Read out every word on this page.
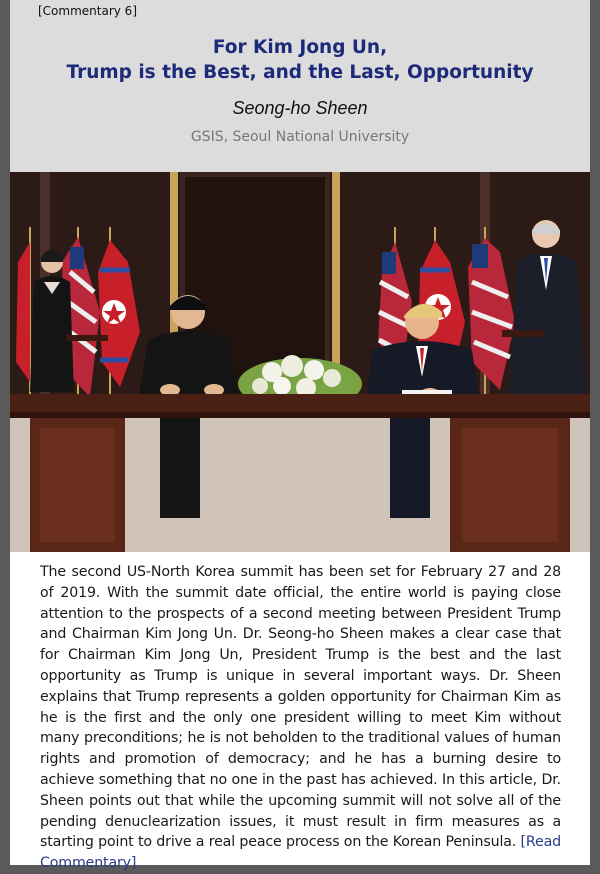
[Commentary 6]
For Kim Jong Un,
Trump is the Best, and the Last, Opportunity
Seong-ho Sheen
GSIS, Seoul National University
The second US-North Korea summit has been set for February 27 and 28 of 2019. With the summit date official, the entire world is paying close attention to the prospects of a second meeting between President Trump and Chairman Kim Jong Un. Dr. Seong-ho Sheen makes a clear case that for Chairman Kim Jong Un, President Trump is the best and the last opportunity as Trump is unique in several important ways. Dr. Sheen explains that Trump represents a golden opportunity for Chairman Kim as he is the first and the only one president willing to meet Kim without many preconditions; he is not beholden to the traditional values of human rights and promotion of democracy; and he has a burning desire to achieve something that no one in the past has achieved. In this article, Dr. Sheen points out that while the upcoming summit will not solve all of the pending denuclearization issues, it must result in firm measures as a starting point to drive a real peace process on the Korean Peninsula. [Read Commentary]
